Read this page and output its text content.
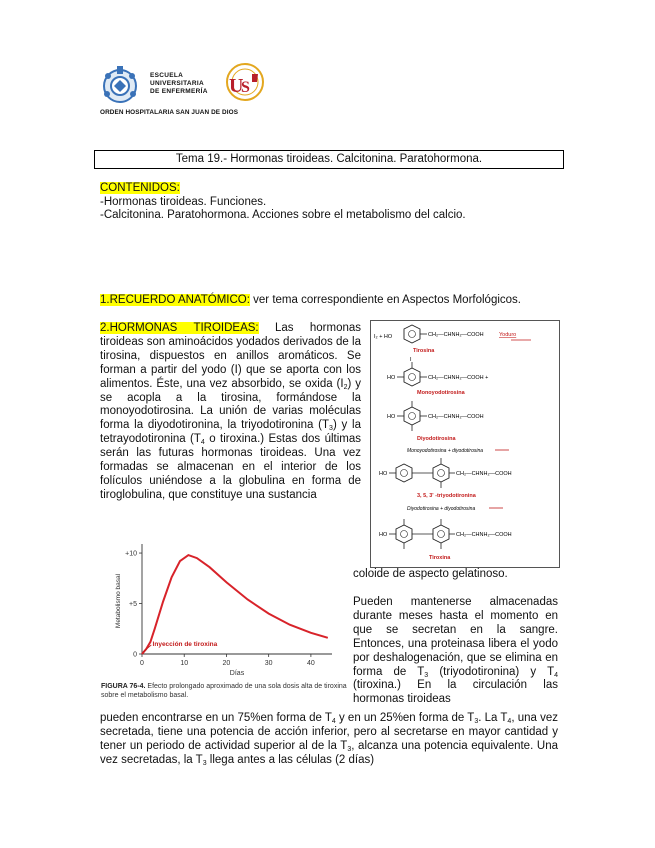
U
S
ESCUELA
UNIVERSITARIA
DE ENFERMERÍA
ORDEN HOSPITALARIA SAN JUAN DE DIOS
Tema 19.- Hormonas tiroideas. Calcitonina. Paratohormona.
CONTENIDOS:
-Hormonas tiroideas. Funciones.
-Calcitonina. Paratohormona. Acciones sobre el metabolismo del calcio.
1.RECUERDO ANATÓMICO: ver tema correspondiente en Aspectos Morfológicos.
2.HORMONAS TIROIDEAS: Las hormonas tiroideas son aminoácidos yodados derivados de la tirosina, dispuestos en anillos aromáticos. Se forman a partir del yodo (I) que se aporta con los alimentos. Éste, una vez absorbido, se oxida $(I_2)$ y se acopla a la tirosina, formándose la monoyodotirosina. La unión de varias moléculas forma la diyodotironina, la triyodotironina $(T_3)$ y la tetrayodotironina ($T_4$ o tiroxina.) Estas dos últimas serán las futuras hormonas tiroideas. Una vez formadas se almacenan en el interior de los folículos uniéndose a la globulina en forma de tiroglobulina, que constituye una sustancia
I₂ + HO	CH₂—CHNH₂—COOH	Yoduro
Tirosina
HO
I
CH₂—CHNH₂—COOH +
Monoyodotirosina
HO	CH₂—CHNH₂—COOH
Diyodotirosina
Monoyodotirosina + diyodotirosina
HO	CH₂—CHNH₂—COOH
3, 5, 3' -triyodotironina
Diyodotirosina + diyodotirosina
HO	CH₂—CHNH₂—COOH
Tiroxina
0	10	20	30	40
0
+5
+10
Metabolismo basal
Días
Inyección de tiroxina
FIGURA 76-4. Efecto prolongado aproximado de una sola dosis alta de tiroxina sobre el metabolismo basal.
coloide de aspecto gelatinoso.
Pueden mantenerse almacenadas durante meses hasta el momento en que se secretan en la sangre. Entonces, una proteinasa libera el yodo por deshalogenación, que se elimina en forma de $T_3$ (triyodotironina) y $T_4$ (tiroxina.) En la circulación las hormonas tiroideas
pueden encontrarse en un 75%en forma de $T_4$ y en un 25%en forma de $T_3$. La $T_4$, una vez secretada, tiene una potencia de acción inferior, pero al secretarse en mayor cantidad y tener un periodo de actividad superior al de la $T_3$, alcanza una potencia equivalente. Una vez secretadas, la $T_3$ llega antes a las células (2 días)
